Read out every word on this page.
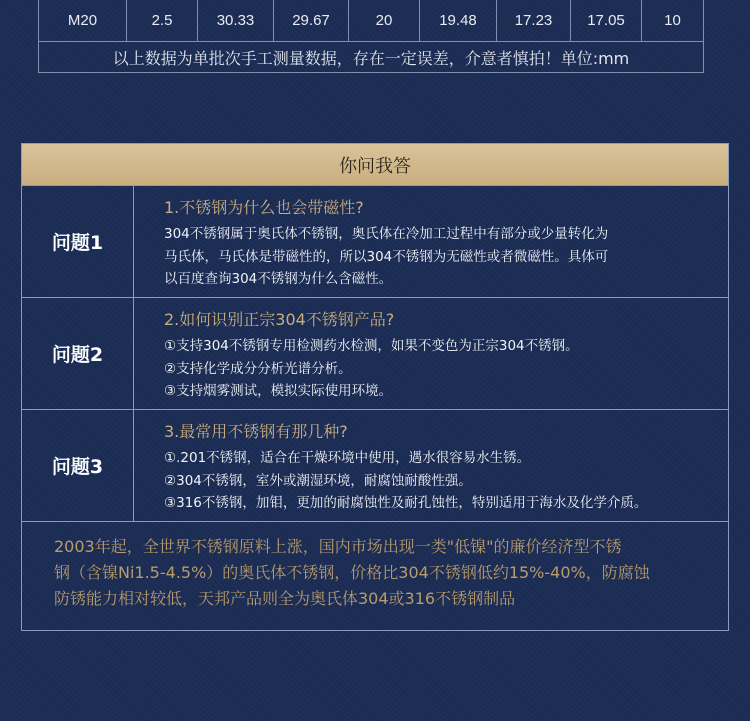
M20	2.5	30.33	29.67	20	19.48	17.23	17.05	10
以上数据为单批次手工测量数据，存在一定误差，介意者慎拍！单位:mm
你问我答
问题1
1.不锈钢为什么也会带磁性?
304不锈钢属于奥氏体不锈钢，奥氏体在冷加工过程中有部分或少量转化为
马氏体，马氏体是带磁性的，所以304不锈钢为无磁性或者微磁性。具体可
以百度查询304不锈钢为什么含磁性。
问题2
2.如何识别正宗304不锈钢产品?
①支持304不锈钢专用检测药水检测，如果不变色为正宗304不锈钢。
②支持化学成分分析光谱分析。
③支持烟雾测试，模拟实际使用环境。
问题3
3.最常用不锈钢有那几种?
①.201不锈钢，适合在干燥环境中使用，遇水很容易水生锈。
②304不锈钢，室外或潮湿环境，耐腐蚀耐酸性强。
③316不锈钢，加钼，更加的耐腐蚀性及耐孔蚀性，特别适用于海水及化学介质。
2003年起，全世界不锈钢原料上涨，国内市场出现一类"低镍"的廉价经济型不锈
钢（含镍Ni1.5-4.5%）的奥氏体不锈钢，价格比304不锈钢低约15%-40%，防腐蚀
防锈能力相对较低，天邦产品则全为奥氏体304或316不锈钢制品
